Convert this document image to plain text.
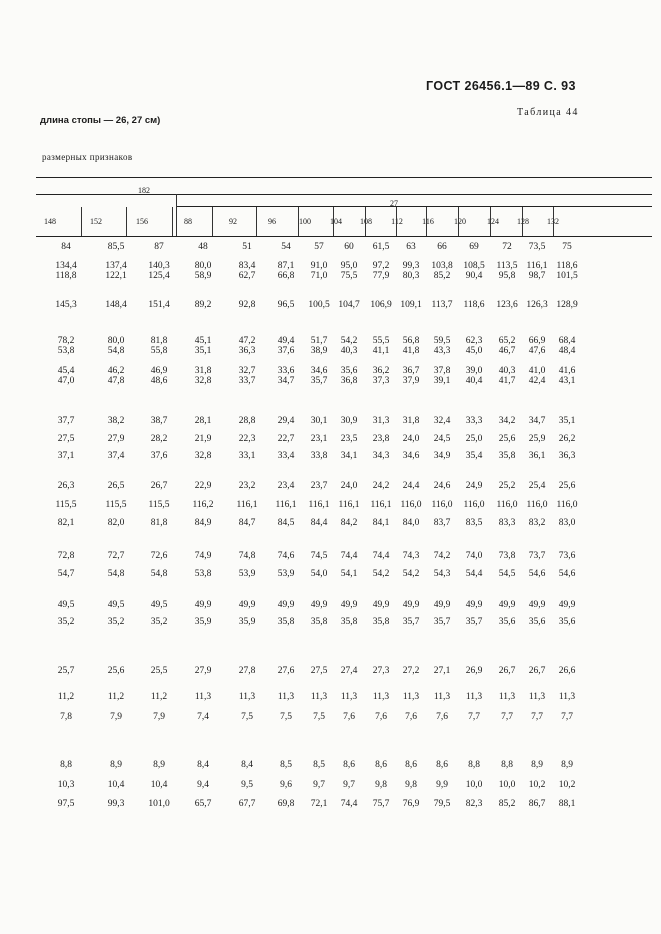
ГОСТ 26456.1—89 С. 93
Таблица 44
длина стопы — 26, 27 см)
размерных признаков
182
27
148	152	156	88	92	96	100	104	108	112	116	120	124	128	132
84	85,5	87	48	51	54	57	60	61,5	63	66	69	72	73,5	75
134,4	137,4	140,3	80,0	83,4	87,1	91,0	95,0	97,2	99,3	103,8	108,5	113,5 116,1 118,6
118,8	122,1	125,4	58,9	62,7	66,8	71,0	75,5	77,9	80,3	85,2	90,4	95,8	98,7	101,5
145,3	148,4	151,4	89,2	92,8	96,5	100,5 104,7	106,9 109,1	113,7	118,6	123,6 126,3 128,9
78,2	80,0	81,8	45,1	47,2	49,4	51,7	54,2	55,5	56,8	59,5	62,3	65,2	66,9	68,4
53,8	54,8	55,8	35,1	36,3	37,6	38,9	40,3	41,1	41,8	43,3	45,0	46,7	47,6	48,4
45,4	46,2	46,9	31,8	32,7	33,6	34,6	35,6	36,2	36,7	37,8	39,0	40,3	41,0	41,6
47,0	47,8	48,6	32,8	33,7	34,7	35,7	36,8	37,3	37,9	39,1	40,4	41,7	42,4	43,1
37,7	38,2	38,7	28,1	28,8	29,4	30,1	30,9	31,3	31,8	32,4	33,3	34,2	34,7	35,1
27,5	27,9	28,2	21,9	22,3	22,7	23,1	23,5	23,8	24,0	24,5	25,0	25,6	25,9	26,2
37,1	37,4	37,6	32,8	33,1	33,4	33,8	34,1	34,3	34,6	34,9	35,4	35,8	36,1	36,3
26,3	26,5	26,7	22,9	23,2	23,4	23,7	24,0	24,2	24,4	24,6	24,9	25,2	25,4	25,6
115,5	115,5	115,5	116,2	116,1	116,1	116,1 116,1	116,1 116,0	116,0	116,0	116,0 116,0 116,0
82,1	82,0	81,8	84,9	84,7	84,5	84,4	84,2	84,1	84,0	83,7	83,5	83,3	83,2	83,0
72,8	72,7	72,6	74,9	74,8	74,6	74,5	74,4	74,4	74,3	74,2	74,0	73,8	73,7	73,6
54,7	54,8	54,8	53,8	53,9	53,9	54,0	54,1	54,2	54,2	54,3	54,4	54,5	54,6	54,6
49,5	49,5	49,5	49,9	49,9	49,9	49,9	49,9	49,9	49,9	49,9	49,9	49,9	49,9	49,9
35,2	35,2	35,2	35,9	35,9	35,8	35,8	35,8	35,8	35,7	35,7	35,7	35,6	35,6	35,6
25,7	25,6	25,5	27,9	27,8	27,6	27,5	27,4	27,3	27,2	27,1	26,9	26,7	26,7	26,6
11,2	11,2	11,2	11,3	11,3	11,3	11,3	11,3	11,3	11,3	11,3	11,3	11,3	11,3	11,3
7,8	7,9	7,9	7,4	7,5	7,5	7,5	7,6	7,6	7,6	7,6	7,7	7,7	7,7	7,7
8,8	8,9	8,9	8,4	8,4	8,5	8,5	8,6	8,6	8,6	8,6	8,8	8,8	8,9	8,9
10,3	10,4	10,4	9,4	9,5	9,6	9,7	9,7	9,8	9,8	9,9	10,0	10,0	10,2	10,2
97,5	99,3	101,0	65,7	67,7	69,8	72,1	74,4	75,7	76,9	79,5	82,3	85,2	86,7	88,1
